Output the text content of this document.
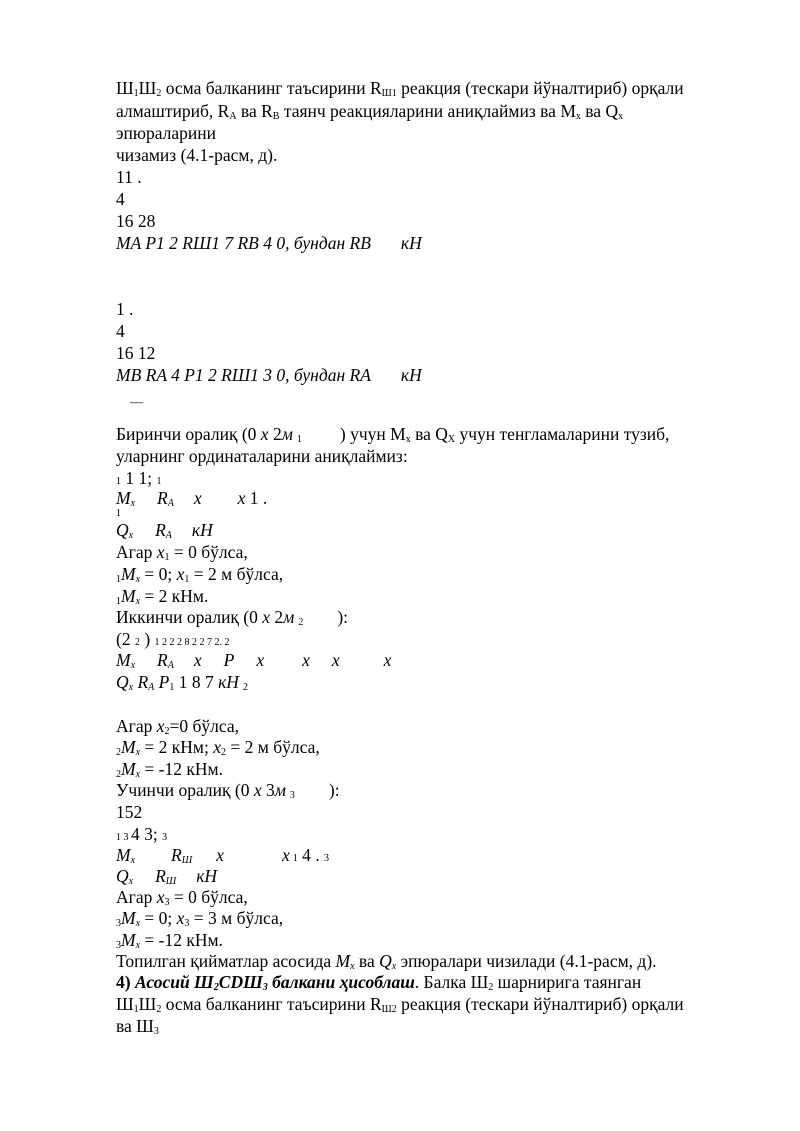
$Ш_1Ш_2$ осма балканинг таъсирини $R_{Ш1}$ реакция (тескари йўналтириб) орқали
алмаштириб, $R_A$ ва $R_B$ таянч реакцияларини аниқлаймиз ва $M_x$ ва $Q_x$
эпюраларини
чизамиз (4.1-расм, д).
11 .
4
16 28
MA P1 2 RШ1 7 RB 4 0, бундан RB кН
1 .
4
16 12
MB RA 4 P1 2 RШ1 3 0, бундан RA кН
—
Биринчи оралиқ (0 x 2м $_1$ ) учун $M_x$ ва $Q_X$ учун тенгламаларини тузиб,
уларнинг ординаталарини аниқлаймиз:
1 1 1; 1
$M_x$ $R_A$ x x 1 .
1
$Q_x$ $R_A$ кН
Агар $x_1 = 0$ бўлса,
$_1M_x = 0$; $x_1 = 2$ м бўлса,
$_1M_x = 2$ кНм.
Иккинчи оралиқ (0 x 2м $_2$ ):
(2 2 ) 1 2 2 2 8 2 2 7 2. 2
$M_x$ $R_A$ x P x x x	x
$Q_x$ $R_A$ $P_1$ 1 8 7 кН $_2$
Агар $x_2=0$ бўлса,
$_2M_x = 2$ кНм; $x_2 = 2$ м бўлса,
$_2M_x = -12$ кНм.
Учинчи оралиқ (0 x 3м $_3$ ):
152
1 3 4 3; 3
$M_x$ $R_Ш$ x	x 1 4 . 3
$Q_x$ $R_Ш$ кН
Агар $x_3 = 0$ бўлса,
$_3M_x = 0$; $x_3 = 3$ м бўлса,
$_3M_x = -12$ кНм.
Топилган қийматлар асосида $M_x$ ва $Q_x$ эпюралари чизилади (4.1-расм, д).
4) Асосий $Ш_2CDШ_3$ балкани ҳисоблаш. Балка $Ш_2$ шарнирига таянган
$Ш_1Ш_2$ осма балканинг таъсирини $R_{Ш2}$ реакция (тескари йўналтириб) орқали
ва $Ш_3$
